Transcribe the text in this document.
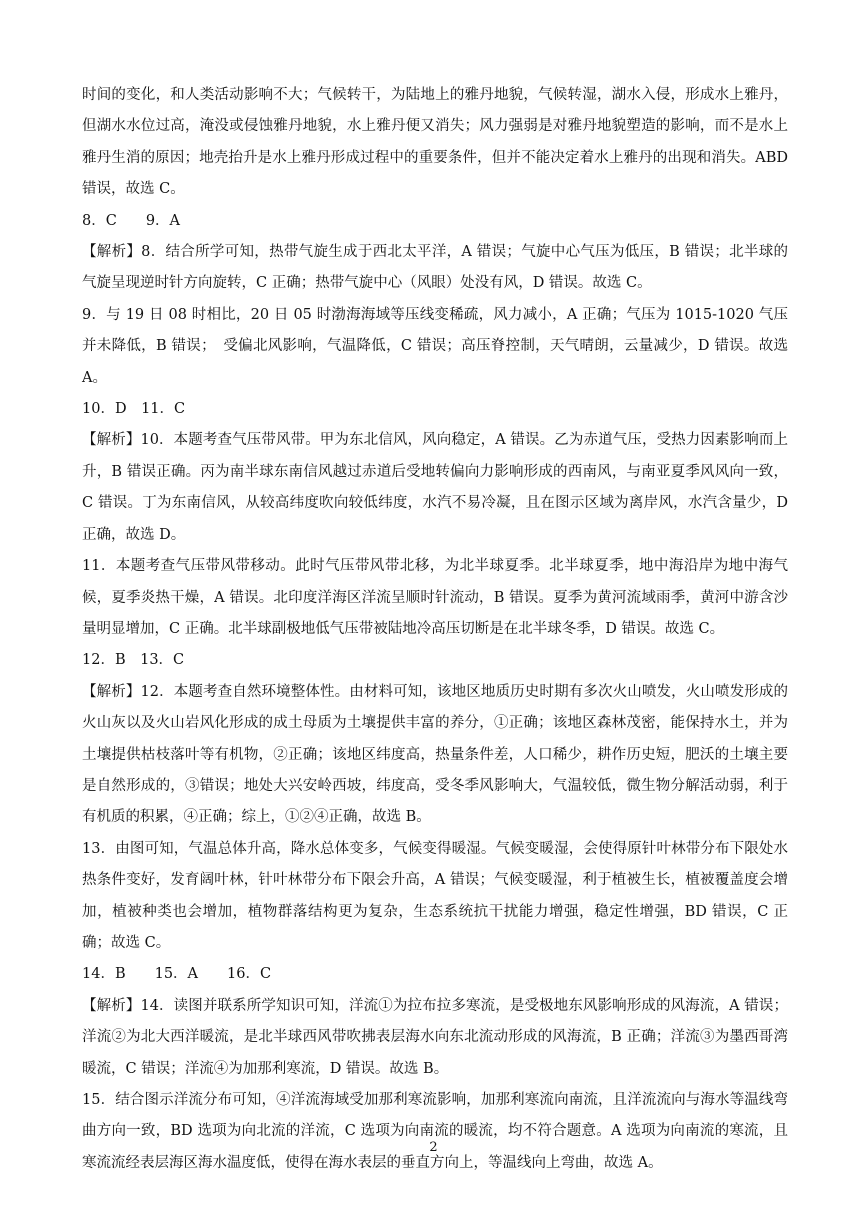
时间的变化，和人类活动影响不大；气候转干，为陆地上的雅丹地貌，气候转湿，湖水入侵，形成水上雅丹，但湖水水位过高，淹没或侵蚀雅丹地貌，水上雅丹便又消失；风力强弱是对雅丹地貌塑造的影响，而不是水上雅丹生消的原因；地壳抬升是水上雅丹形成过程中的重要条件，但并不能决定着水上雅丹的出现和消失。ABD 错误，故选 C。

8．C　　9．A

【解析】8．结合所学可知，热带气旋生成于西北太平洋，A 错误；气旋中心气压为低压，B 错误；北半球的气旋呈现逆时针方向旋转，C 正确；热带气旋中心（风眼）处没有风，D 错误。故选 C。

9．与 19 日 08 时相比，20 日 05 时渤海海域等压线变稀疏，风力减小，A 正确；气压为 1015-1020 气压并未降低，B 错误；　受偏北风影响，气温降低，C 错误；高压脊控制，天气晴朗，云量减少，D 错误。故选A。

10．D　11．C

【解析】10．本题考查气压带风带。甲为东北信风，风向稳定，A 错误。乙为赤道气压，受热力因素影响而上升，B 错误正确。丙为南半球东南信风越过赤道后受地转偏向力影响形成的西南风，与南亚夏季风风向一致，C 错误。丁为东南信风，从较高纬度吹向较低纬度，水汽不易冷凝，且在图示区域为离岸风，水汽含量少，D 正确，故选 D。

11．本题考查气压带风带移动。此时气压带风带北移，为北半球夏季。北半球夏季，地中海沿岸为地中海气候，夏季炎热干燥，A 错误。北印度洋海区洋流呈顺时针流动，B 错误。夏季为黄河流域雨季，黄河中游含沙量明显增加，C 正确。北半球副极地低气压带被陆地冷高压切断是在北半球冬季，D 错误。故选 C。

12．B　13．C

【解析】12．本题考查自然环境整体性。由材料可知，该地区地质历史时期有多次火山喷发，火山喷发形成的火山灰以及火山岩风化形成的成土母质为土壤提供丰富的养分，①正确；该地区森林茂密，能保持水土，并为土壤提供枯枝落叶等有机物，②正确；该地区纬度高，热量条件差，人口稀少，耕作历史短，肥沃的土壤主要是自然形成的，③错误；地处大兴安岭西坡，纬度高，受冬季风影响大，气温较低，微生物分解活动弱，利于有机质的积累，④正确；综上，①②④正确，故选 B。

13．由图可知，气温总体升高，降水总体变多，气候变得暖湿。气候变暖湿，会使得原针叶林带分布下限处水热条件变好，发育阔叶林，针叶林带分布下限会升高，A 错误；气候变暖湿，利于植被生长，植被覆盖度会增加，植被种类也会增加，植物群落结构更为复杂，生态系统抗干扰能力增强，稳定性增强，BD 错误，C 正确；故选 C。

14．B　　15．A　　16．C

【解析】14．读图并联系所学知识可知，洋流①为拉布拉多寒流，是受极地东风影响形成的风海流，A 错误；洋流②为北大西洋暖流，是北半球西风带吹拂表层海水向东北流动形成的风海流，B 正确；洋流③为墨西哥湾暖流，C 错误；洋流④为加那利寒流，D 错误。故选 B。

15．结合图示洋流分布可知，④洋流海域受加那利寒流影响，加那利寒流向南流，且洋流流向与海水等温线弯曲方向一致，BD 选项为向北流的洋流，C 选项为向南流的暖流，均不符合题意。A 选项为向南流的寒流，且寒流流经表层海区海水温度低，使得在海水表层的垂直方向上，等温线向上弯曲，故选 A。

2
